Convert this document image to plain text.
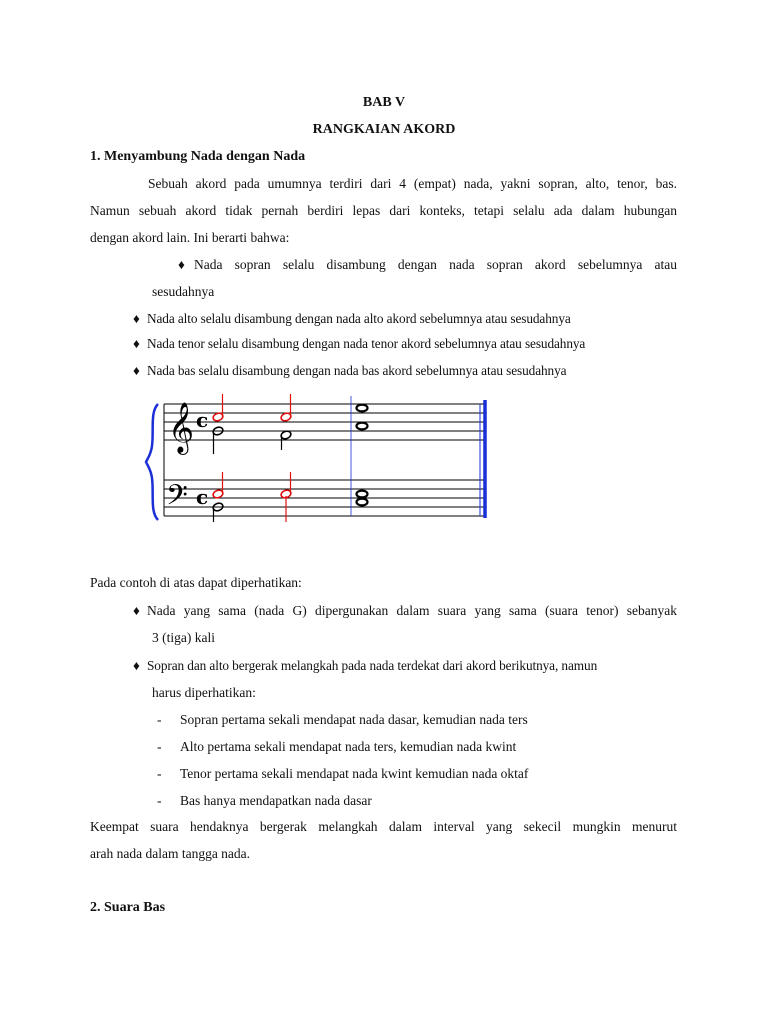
BAB V
RANGKAIAN AKORD
1. Menyambung Nada dengan Nada
Sebuah akord pada umumnya terdiri dari 4 (empat) nada, yakni sopran, alto, tenor, bas.
Namun sebuah akord tidak pernah berdiri lepas dari konteks, tetapi selalu ada dalam hubungan
dengan akord lain. Ini berarti bahwa:
♦ Nada sopran selalu disambung dengan nada sopran akord sebelumnya atau
sesudahnya
♦ Nada alto selalu disambung dengan nada alto akord sebelumnya atau sesudahnya
♦ Nada tenor selalu disambung dengan nada tenor akord sebelumnya atau sesudahnya
♦ Nada bas selalu disambung dengan nada bas akord sebelumnya atau sesudahnya
𝄞
𝄢
c
c
Pada contoh di atas dapat diperhatikan:
♦ Nada yang sama (nada G) dipergunakan dalam suara yang sama (suara tenor) sebanyak
3 (tiga) kali
♦ Sopran dan alto bergerak melangkah pada nada terdekat dari akord berikutnya, namun
harus diperhatikan:
- Sopran pertama sekali mendapat nada dasar, kemudian nada ters
- Alto pertama sekali mendapat nada ters, kemudian nada kwint
- Tenor pertama sekali mendapat nada kwint kemudian nada oktaf
- Bas hanya mendapatkan nada dasar
Keempat suara hendaknya bergerak melangkah dalam interval yang sekecil mungkin menurut
arah nada dalam tangga nada.
2. Suara Bas
